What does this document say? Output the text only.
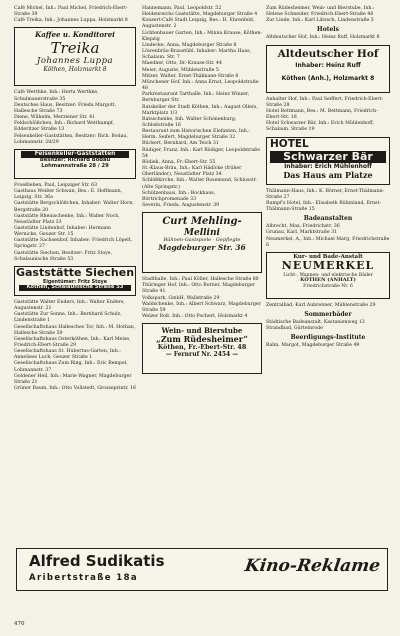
Café Michel, Inh.: Paul Michel, Friedrich-Ebert-Straße 39

Café Treika, Inh.: Johannes Luppa, Holzmarkt 8

Kaffee u. Konditorei
Treika
Johannes Luppa
Köthen, Holzmarkt 8

Café Werthke, Inh.: Herta Werthke, Schulmauerstraße 35

Deutsches Haus, Besitzer: Frieda Margott, Hallesche Straße 73

Diene, Wilhelm, Merziener Str. 41

Feldschlößchen, Inh.: Richard Wettkampf, Edderitzer Straße 13

Felsenkeller-Gaststätten, Besitzer: Rich. Bodau, Lohmannstr. 28/29

Felsenkeller-Gaststätten
Besitzer: Richard Bodau
Lohmannstraße 28 / 29

Froeßleben, Paul, Leipziger Str. 63

Gasthaus Weißer Schwan, Bes.: E. Hoffmann, Leipzig. Str. 36a

Gaststätte Bergschlößchen, Inhaber: Walter Horn, Bergstraße 20

Gaststätte Rheinschenke, Inh.: Walter Noch, Neustädter Platz 33

Gaststätte Lindenhof, Inhaber: Hermann Wernicke, Geuzer Str. 15

Gaststätte Sachsenhof, Inhaber: Friedrich Löpelt, Springstr. 27

Gaststätte Siechen, Besitzer: Fritz Stoye, Schalaunische Straße 53

Gaststätte Siechen
Eigentümer: Fritz Stoye
Köthen, Schalaunische Straße 53

Gaststätte Walter Enders, Inh.: Walter Enders, Augustenstr. 21

Gaststätte Zur Sonne, Inh.: Bernhard Schulz, Lindenstraße 1

Gesellschaftshaus Hallesches Tor, Inh.: M. Hothan, Hallesche Straße 59

Gesellschaftshaus Osterköthen, Inh.: Karl Meise, Friedrich-Ebert-Straße 29

Gesellschaftshaus St. Hubertus-Garten, Inh.: Anneliese Luck, Geuzer Straße 1

Gesellschaftshaus Zum Ring, Inh.: Eric Rempel, Lohmannstr. 37

Goldener Heil, Inh.: Marie Wagner, Magdeburger Straße 21

Grüner Baum, Inh.: Otto Vollstedt, Grosseprintr. 16

Hannemann, Paul, Leopoldstr. 52

Heidenreichs Gaststätte, Magdeburger Straße 4

Konzert-Café Stadt Leipzig, Bes.: H. Ehrenfeld, Augustenstr. 2

Lichtenbauer Garten, Inh.: Minna Krause, Köthen-Klepzig

Lindecke, Anna, Magdeburger Straße 8

Löwenbräu-Braustübl, Inhaber: Martha Haas, Schalaun. Str. 7

Maedner, Otto, Dr.-Krause-Str. 44

Meier, Auguste, Mühlenstraße 5

Mitzer, Walter, Ernst-Thälmann-Straße 8

Münchener Hof, Inh.: Anna Ernst, Leopoldstraße 48

Parkrestaurant Tarthalle, Inh.: Heinz Winzer, Bernburger Str.

Ratskeller der Stadt Köthen, Inh.: August Ollers, Marktplatz 1/3

Ratsschenke, Inh. Walter Schönenburg, Schloßstraße 16

Restaurant zum Historischen Elefanten, Inh.: Herm. Seifert, Magdeburger Straße 32

Rückert, Bernhard, Am Teich 31

Rüdiger, Franz, Inh.: Karl Rüdiger, Leopoldstraße 54

Rödiek, Anna, Fr.-Ebert-Str. 55

St.-Klaus-Bräu, Inh.: Karl Hädicke (früher Oberländer), Neustädter Platz 34

Schlößkirche, Inh.: Walter Rosemund, Schlosstr. (Alte Springstr.)

Schützenhaus, Inh.: Bockhaus, Börtrichpromenade 33

Severin, Frieda, Augustenstr. 39

Curt Mehling-
Mellini
Bühnen-Gastspiele · Gepflegte
Magdeburger Str. 36

Stadthalle, Inh.: Paul Köller, Hallesche Straße 80

Thüringer Hof, Inh.: Otto Borner, Magdeburger Straße 41

Volkspark, GmbH, Wallstraße 29

Waldschenke, Inh.: Albert Schwarz, Magdeburger Straße 59

Welzer Roß, Inh.: Otto Pochert, Holzmarkt 4

Wein- und Bierstube
„Zum Rüdesheimer“
Köthen, Fr.-Ebert-Str. 48
— Fernruf Nr. 2454 —

Zum Rüdesheimer, Wein- und Bierstube, Inh.: Helene Schneider, Friedrich-Ebert-Straße 48

Zur Linde, Inh.: Karl Lätzsch, Lindenstraße 5

Hotels

Altdeutscher Hof, Inh.: Heinz Ruff, Holzmarkt 8

Altdeutscher Hof
Inhaber: Heinz Ruff
Köthen (Anh.), Holzmarkt 8

Anhalter Hof, Inh.: Paul Seiffert, Friedrich-Ebert-Straße 28

Hotel Bettmann, Bes.: M. Bettmann, Friedrich-Ebert-Str. 18

Hotel Schwarzer Bär, Inh.: Erich Mühlenhoff, Schalaun. Straße 19

HOTEL
Schwarzer Bär
Inhaber: Erich Mühlenhoff
Das Haus am Platze

Thälmann-Haus, Inh.: K. Börner, Ernst-Thälmann-Straße 27

Rumpf's Hotel, Inh.: Elisabeth Rühmland, Ernst-Thälmann-Straße 15

Badeanstalten

Albrecht, Max, Friedrichstr. 36

Grunau, Karl, Marktstraße 31

Neumerkel, A., Inh.: Michael Marg, Friedrichstraße 6

Kur- und Bade-Anstalt
NEUMERKEL
Licht-, Wannen- und elektrische Bäder
KÖTHEN (ANHALT)
Friedrichstraße Nr. 6

Zentralbad, Karl Aubrenner, Mühlenstraße 29

Sommerbäder

Städtische Badeanstalt, Kastanienweg 13

Strandbad, Gürteinrode

Beerdigungs-Institute

Bahn, Margot, Magdeburger Straße 49

Alfred Sudikatis
Aribertstraße 18a
Kino-Reklame
470
